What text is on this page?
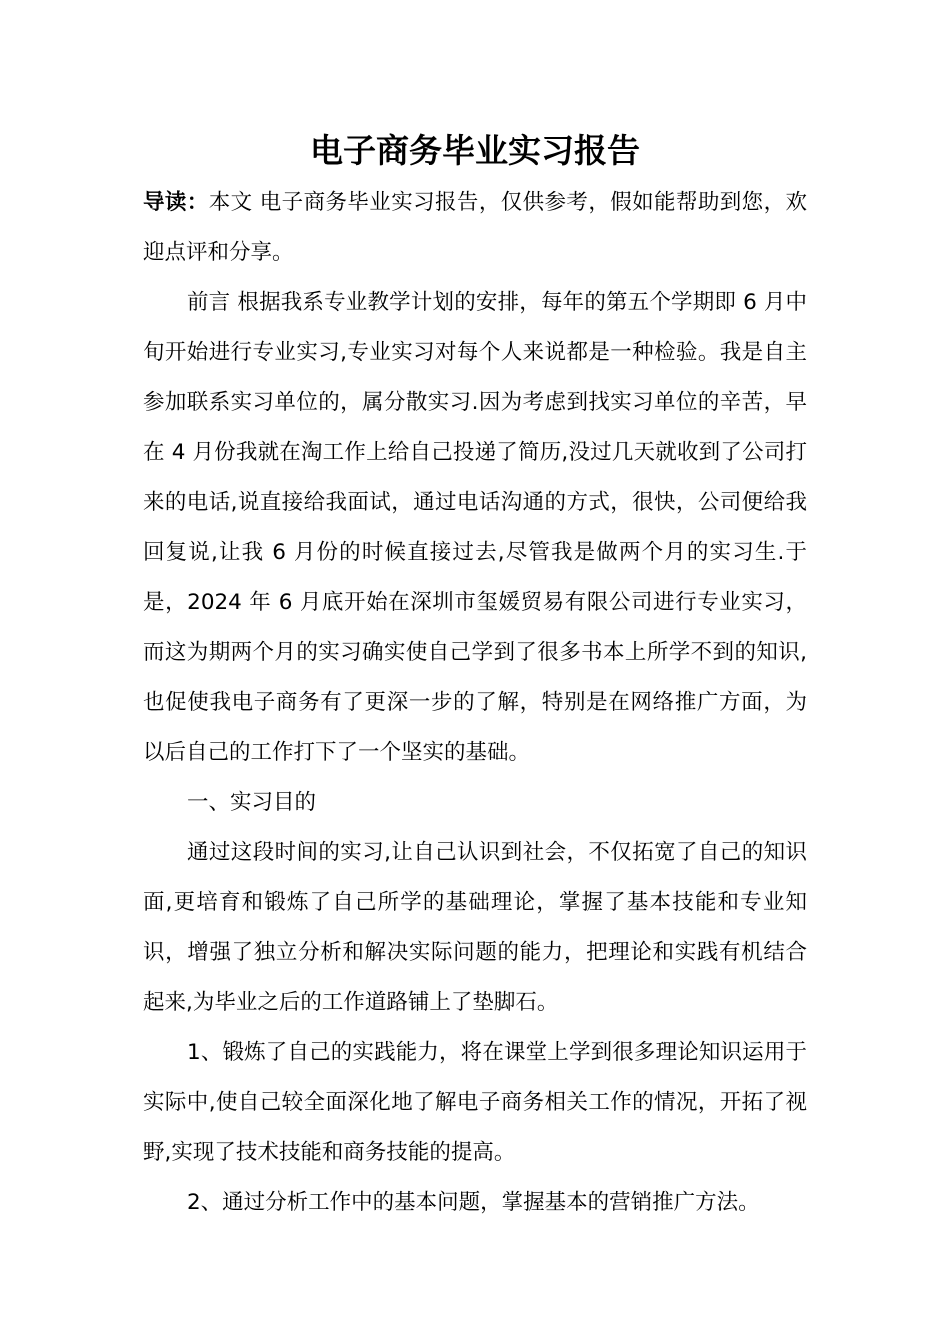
电子商务毕业实习报告

导读：本文 电子商务毕业实习报告，仅供参考，假如能帮助到您，欢迎点评和分享。

前言 根据我系专业教学计划的安排，每年的第五个学期即 6 月中旬开始进行专业实习,专业实习对每个人来说都是一种检验。我是自主参加联系实习单位的，属分散实习.因为考虑到找实习单位的辛苦，早在 4 月份我就在淘工作上给自己投递了简历,没过几天就收到了公司打来的电话,说直接给我面试，通过电话沟通的方式，很快，公司便给我回复说,让我 6 月份的时候直接过去,尽管我是做两个月的实习生.于是，2024 年 6 月底开始在深圳市玺媛贸易有限公司进行专业实习，而这为期两个月的实习确实使自己学到了很多书本上所学不到的知识,也促使我电子商务有了更深一步的了解，特别是在网络推广方面，为以后自己的工作打下了一个坚实的基础。

一、实习目的

通过这段时间的实习,让自己认识到社会，不仅拓宽了自己的知识面,更培育和锻炼了自己所学的基础理论，掌握了基本技能和专业知识，增强了独立分析和解决实际问题的能力，把理论和实践有机结合起来,为毕业之后的工作道路铺上了垫脚石。

1、锻炼了自己的实践能力，将在课堂上学到很多理论知识运用于实际中,使自己较全面深化地了解电子商务相关工作的情况，开拓了视野,实现了技术技能和商务技能的提高。

2、通过分析工作中的基本问题，掌握基本的营销推广方法。
